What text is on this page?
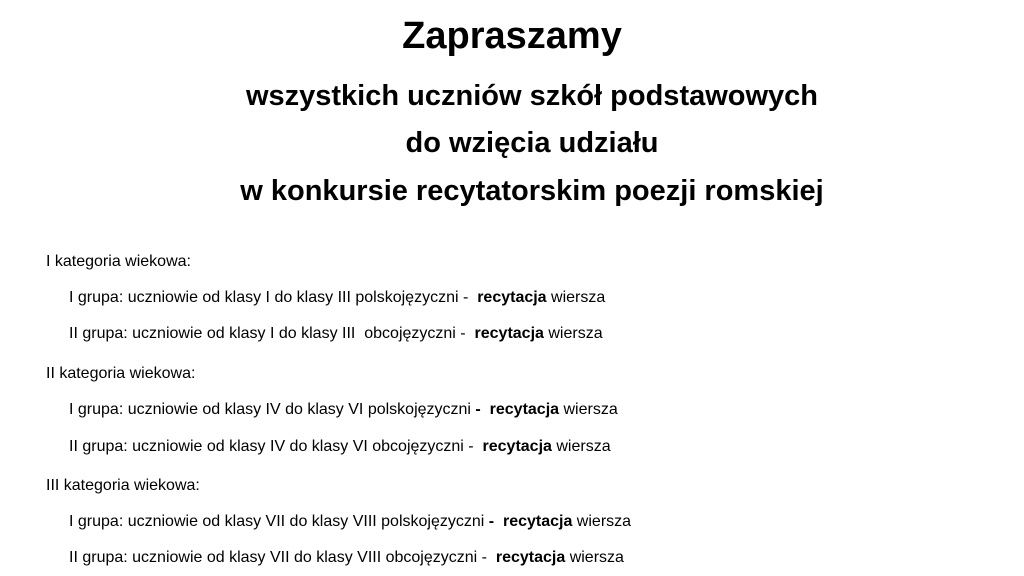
Zapraszamy
wszystkich uczniów szkół podstawowych
do wzięcia udziału
w konkursie recytatorskim poezji romskiej
I kategoria wiekowa:
I grupa: uczniowie od klasy I do klasy III polskojęzyczni -  recytacja wiersza
II grupa: uczniowie od klasy I do klasy III  obcojęzyczni -  recytacja wiersza
II kategoria wiekowa:
I grupa: uczniowie od klasy IV do klasy VI polskojęzyczni -  recytacja wiersza
II grupa: uczniowie od klasy IV do klasy VI obcojęzyczni -  recytacja wiersza
III kategoria wiekowa:
I grupa: uczniowie od klasy VII do klasy VIII polskojęzyczni -  recytacja wiersza
II grupa: uczniowie od klasy VII do klasy VIII obcojęzyczni -  recytacja wiersza
